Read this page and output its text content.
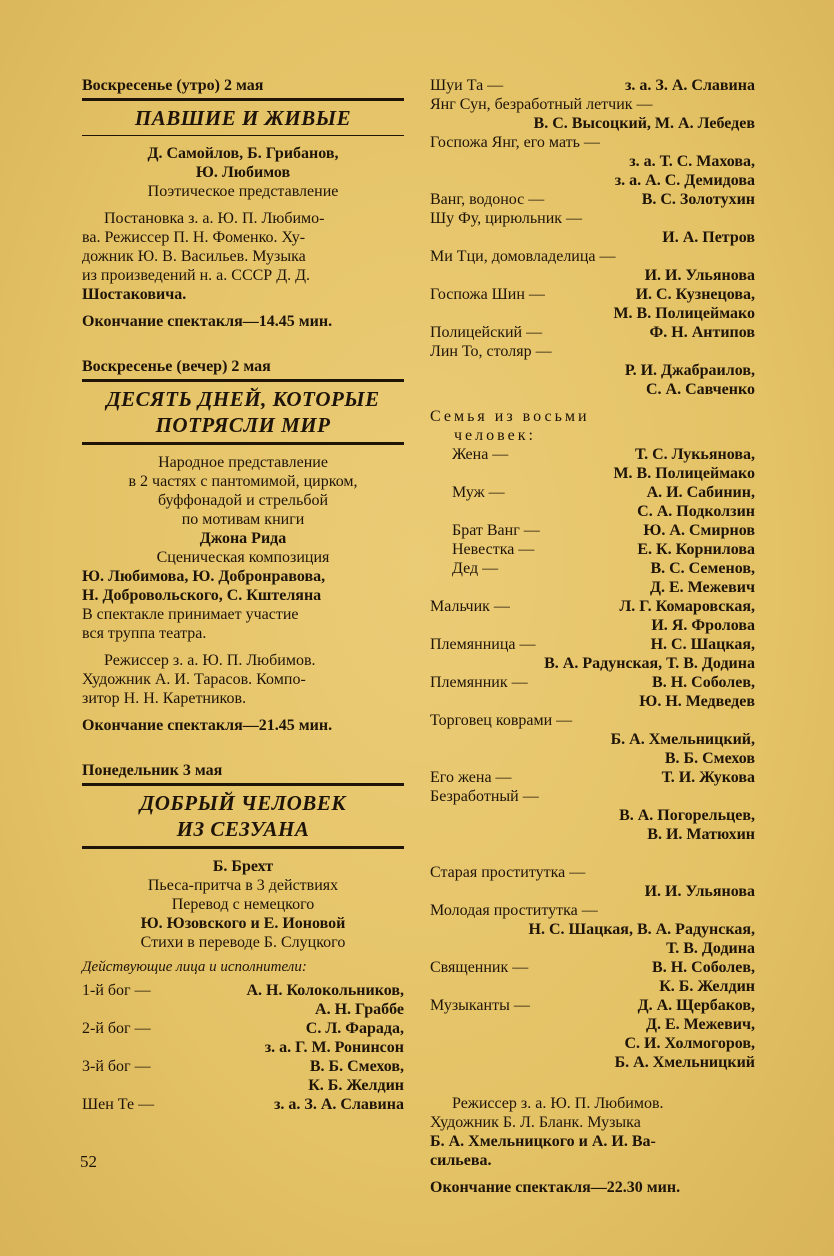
Воскресенье (утро) 2 мая
ПАВШИЕ И ЖИВЫЕ
Д. Самойлов, Б. Грибанов,
Ю. Любимов
Поэтическое представление
Постановка з. а. Ю. П. Любимо-
ва. Режиссер П. Н. Фоменко. Ху-
дожник Ю. В. Васильев. Музыка
из произведений н. а. СССР Д. Д.
Шостаковича.
Окончание спектакля—14.45 мин.
Воскресенье (вечер) 2 мая
ДЕСЯТЬ ДНЕЙ, КОТОРЫЕ
ПОТРЯСЛИ МИР
Народное представление
в 2 частях с пантомимой, цирком,
буффонадой и стрельбой
по мотивам книги
Джона Рида
Сценическая композиция
Ю. Любимова, Ю. Добронравова,
Н. Добровольского, С. Кштеляна
В спектакле принимает участие
вся труппа театра.
Режиссер з. а. Ю. П. Любимов.
Художник А. И. Тарасов. Компо-
зитор Н. Н. Каретников.
Окончание спектакля—21.45 мин.
Понедельник 3 мая
ДОБРЫЙ ЧЕЛОВЕК
ИЗ СЕЗУАНА
Б. Брехт
Пьеса-притча в 3 действиях
Перевод с немецкого
Ю. Юзовского и Е. Ионовой
Стихи в переводе Б. Слуцкого
Действующие лица и исполнители:
1-й бог —	А. Н. Колокольников,
А. Н. Граббе
2-й бог —	С. Л. Фарада,
з. а. Г. М. Ронинсон
3-й бог —	В. Б. Смехов,
К. Б. Желдин
Шен Те —	з. а. З. А. Славина
52
Шуи Та —	з. а. З. А. Славина
Янг Сун, безработный летчик —
В. С. Высоцкий, М. А. Лебедев
Госпожа Янг, его мать —
з. а. Т. С. Махова,
з. а. А. С. Демидова
Ванг, водонос —	В. С. Золотухин
Шу Фу, цирюльник —
И. А. Петров
Ми Тци, домовладелица —
И. И. Ульянова
Госпожа Шин —	И. С. Кузнецова,
М. В. Полицеймако
Полицейский —	Ф. Н. Антипов
Лин То, столяр —
Р. И. Джабраилов,
С. А. Савченко
Семья из восьми
человек:
Жена —	Т. С. Лукьянова,
М. В. Полицеймако
Муж —	А. И. Сабинин,
С. А. Подколзин
Брат Ванг —	Ю. А. Смирнов
Невестка —	Е. К. Корнилова
Дед —	В. С. Семенов,
Д. Е. Межевич
Мальчик —	Л. Г. Комаровская,
И. Я. Фролова
Племянница —	Н. С. Шацкая,
В. А. Радунская, Т. В. Додина
Племянник —	В. Н. Соболев,
Ю. Н. Медведев
Торговец коврами —
Б. А. Хмельницкий,
В. Б. Смехов
Его жена —	Т. И. Жукова
Безработный —
В. А. Погорельцев,
В. И. Матюхин
Старая проститутка —
И. И. Ульянова
Молодая проститутка —
Н. С. Шацкая, В. А. Радунская,
Т. В. Додина
Священник —	В. Н. Соболев,
К. Б. Желдин
Музыканты —	Д. А. Щербаков,
Д. Е. Межевич,
С. И. Холмогоров,
Б. А. Хмельницкий
Режиссер з. а. Ю. П. Любимов.
Художник Б. Л. Бланк. Музыка
Б. А. Хмельницкого и А. И. Ва-
сильева.
Окончание спектакля—22.30 мин.
